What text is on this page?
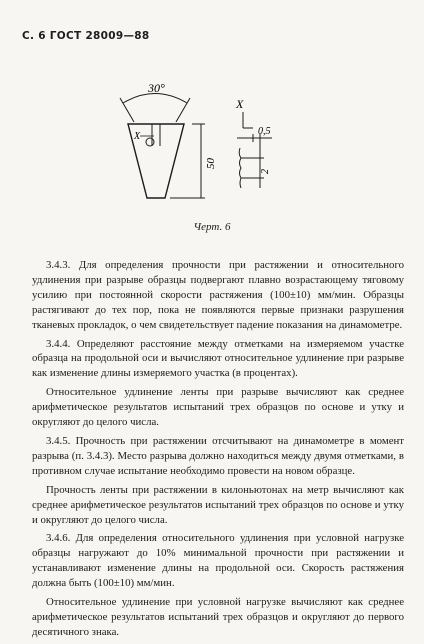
С. 6 ГОСТ 28009—88
30°
X
50
X
0,5
2
Черт. 6

3.4.3. Для определения прочности при растяжении и относительного удлинения при разрыве образцы подвергают плавно возрастающему тяговому усилию при постоянной скорости растяжения (100±10) мм/мин. Образцы растягивают до тех пор, пока не появляются первые признаки разрушения тканевых прокладок, о чем свидетельствует падение показания на динамометре.

3.4.4. Определяют расстояние между отметками на измеряемом участке образца на продольной оси и вычисляют относительное удлинение при разрыве как изменение длины измеряемого участка (в процентах).

Относительное удлинение ленты при разрыве вычисляют как среднее арифметическое результатов испытаний трех образцов по основе и утку и округляют до целого числа.

3.4.5. Прочность при растяжении отсчитывают на динамометре в момент разрыва (п. 3.4.3). Место разрыва должно находиться между двумя отметками, в противном случае испытание необходимо провести на новом образце.

Прочность ленты при растяжении в килоньютонах на метр вычисляют как среднее арифметическое результатов испытаний трех образцов по основе и утку и округляют до целого числа.

3.4.6. Для определения относительного удлинения при условной нагрузке образцы нагружают до 10% минимальной прочности при растяжении и устанавливают изменение длины на продольной оси. Скорость растяжения должна быть (100±10) мм/мин.

Относительное удлинение при условной нагрузке вычисляют как среднее арифметическое результатов испытаний трех образцов и округляют до первого десятичного знака.
